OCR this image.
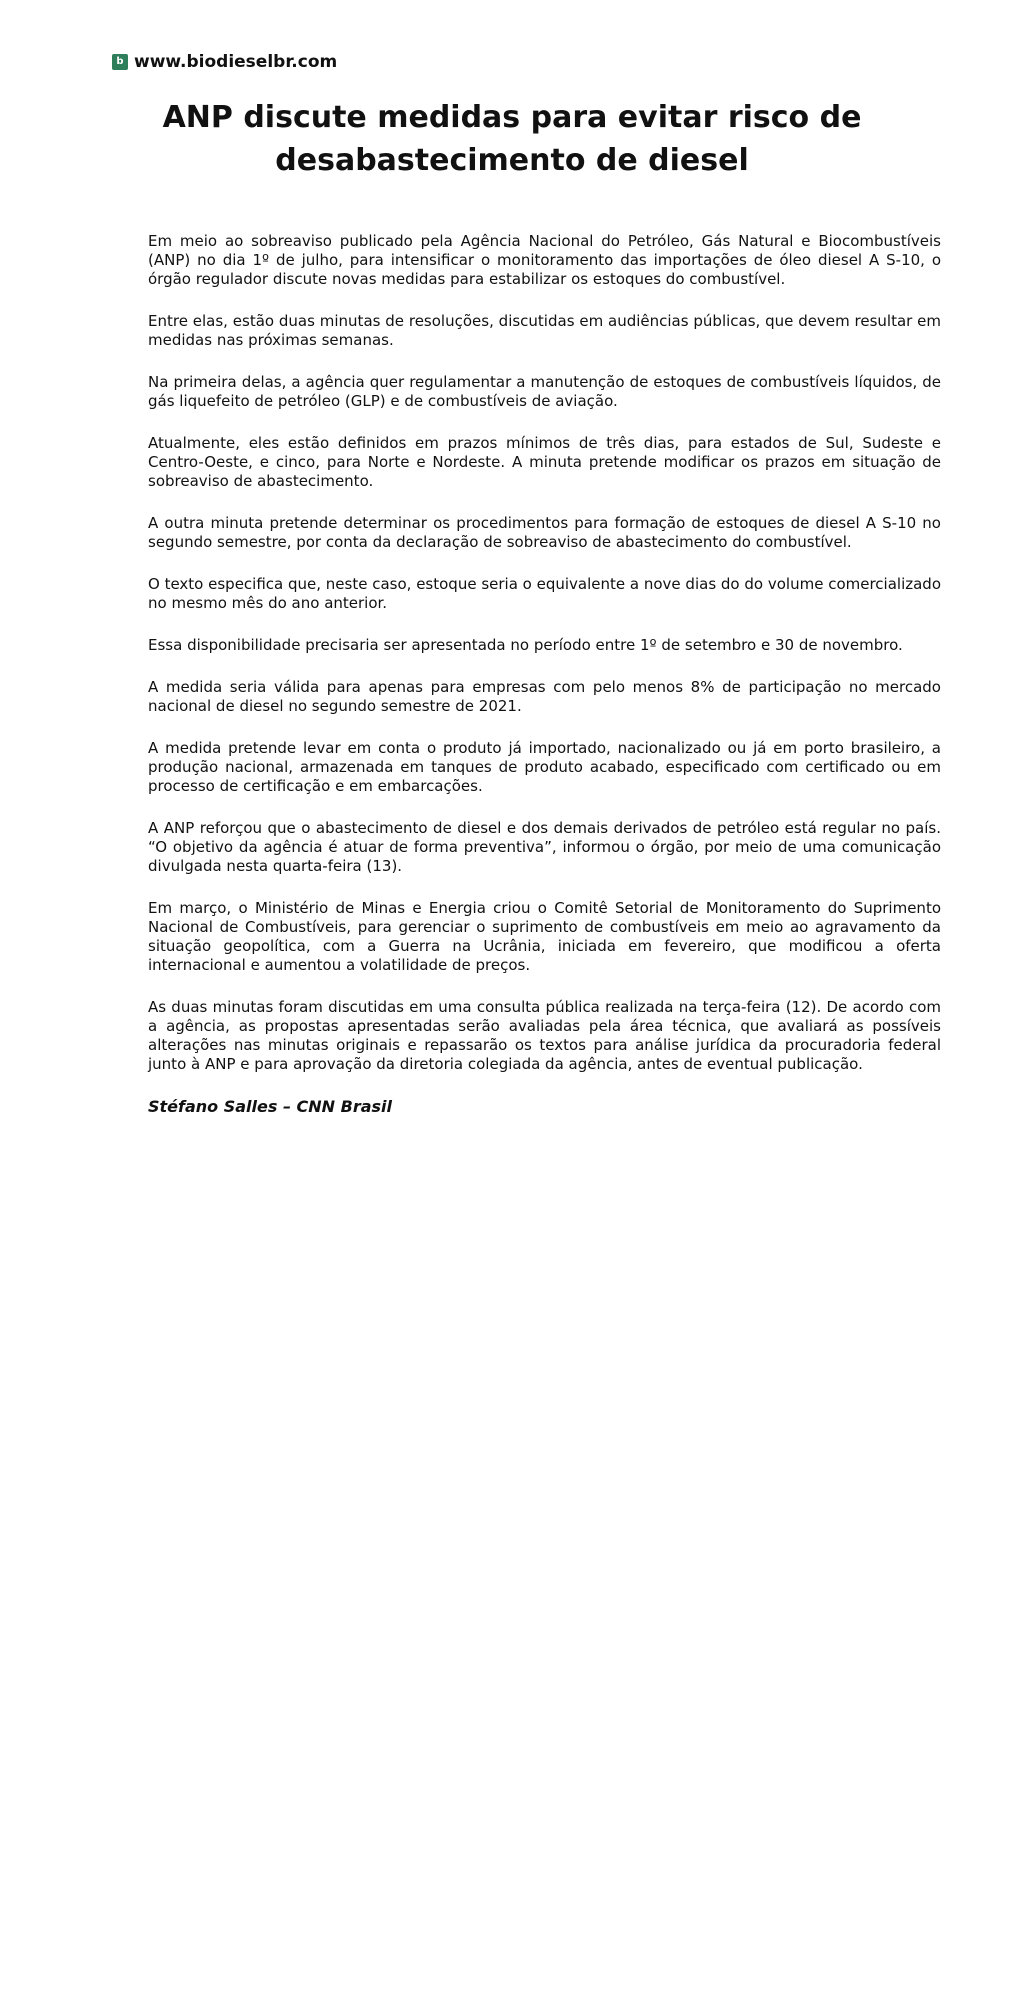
b www.biodieselbr.com
ANP discute medidas para evitar risco de desabastecimento de diesel

Em meio ao sobreaviso publicado pela Agência Nacional do Petróleo, Gás Natural e Biocombustíveis (ANP) no dia 1º de julho, para intensificar o monitoramento das importações de óleo diesel A S-10, o órgão regulador discute novas medidas para estabilizar os estoques do combustível.

Entre elas, estão duas minutas de resoluções, discutidas em audiências públicas, que devem resultar em medidas nas próximas semanas.

Na primeira delas, a agência quer regulamentar a manutenção de estoques de combustíveis líquidos, de gás liquefeito de petróleo (GLP) e de combustíveis de aviação.

Atualmente, eles estão definidos em prazos mínimos de três dias, para estados de Sul, Sudeste e Centro-Oeste, e cinco, para Norte e Nordeste. A minuta pretende modificar os prazos em situação de sobreaviso de abastecimento.

A outra minuta pretende determinar os procedimentos para formação de estoques de diesel A S-10 no segundo semestre, por conta da declaração de sobreaviso de abastecimento do combustível.

O texto especifica que, neste caso, estoque seria o equivalente a nove dias do do volume comercializado no mesmo mês do ano anterior.

Essa disponibilidade precisaria ser apresentada no período entre 1º de setembro e 30 de novembro.

A medida seria válida para apenas para empresas com pelo menos 8% de participação no mercado nacional de diesel no segundo semestre de 2021.

A medida pretende levar em conta o produto já importado, nacionalizado ou já em porto brasileiro, a produção nacional, armazenada em tanques de produto acabado, especificado com certificado ou em processo de certificação e em embarcações.

A ANP reforçou que o abastecimento de diesel e dos demais derivados de petróleo está regular no país. “O objetivo da agência é atuar de forma preventiva”, informou o órgão, por meio de uma comunicação divulgada nesta quarta-feira (13).

Em março, o Ministério de Minas e Energia criou o Comitê Setorial de Monitoramento do Suprimento Nacional de Combustíveis, para gerenciar o suprimento de combustíveis em meio ao agravamento da situação geopolítica, com a Guerra na Ucrânia, iniciada em fevereiro, que modificou a oferta internacional e aumentou a volatilidade de preços.

As duas minutas foram discutidas em uma consulta pública realizada na terça-feira (12). De acordo com a agência, as propostas apresentadas serão avaliadas pela área técnica, que avaliará as possíveis alterações nas minutas originais e repassarão os textos para análise jurídica da procuradoria federal junto à ANP e para aprovação da diretoria colegiada da agência, antes de eventual publicação.

Stéfano Salles – CNN Brasil
